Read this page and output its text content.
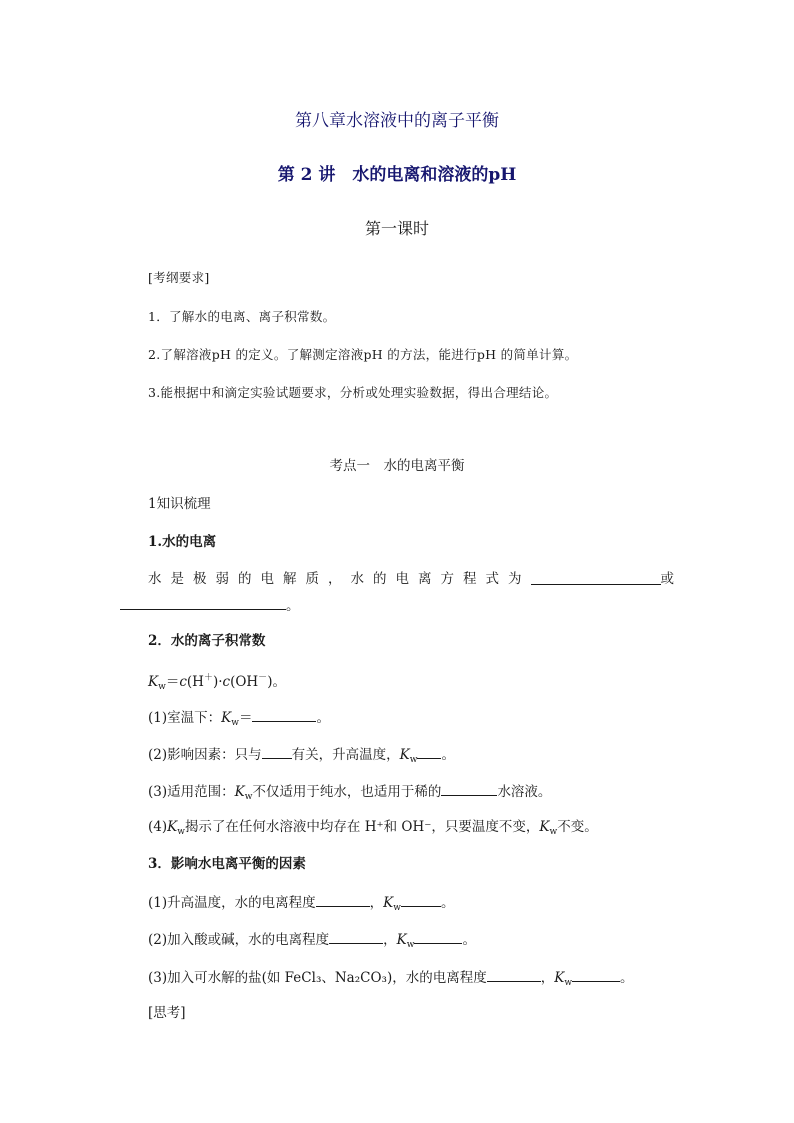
第八章水溶液中的离子平衡
第 2 讲　水的电离和溶液的pH
第一课时
[考纲要求]
1．了解水的电离、离子积常数。
2.了解溶液pH 的定义。了解测定溶液pH 的方法，能进行pH 的简单计算。
3.能根据中和滴定实验试题要求，分析或处理实验数据，得出合理结论。
考点一　水的电离平衡
1知识梳理
1.水的电离
水是极弱的电解质，水的电离方程式为	或
。
2．水的离子积常数
$K_w=c(H^+)\cdot c(OH^-)$。
(1)室温下：$K_w=$	。
(2)影响因素：只与 有关，升高温度，$K_w$ 。
(3)适用范围：$K_w$不仅适用于纯水，也适用于稀的	水溶液。
$(4)K_w$揭示了在任何水溶液中均存在 H⁺和 OH⁻，只要温度不变，$K_w$不变。
3．影响水电离平衡的因素
(1)升高温度，水的电离程度	，$K_w$	。
(2)加入酸或碱，水的电离程度	，$K_w$	。
(3)加入可水解的盐(如 FeCl₃、Na₂CO₃)，水的电离程度	，$K_w$	。
[思考]
